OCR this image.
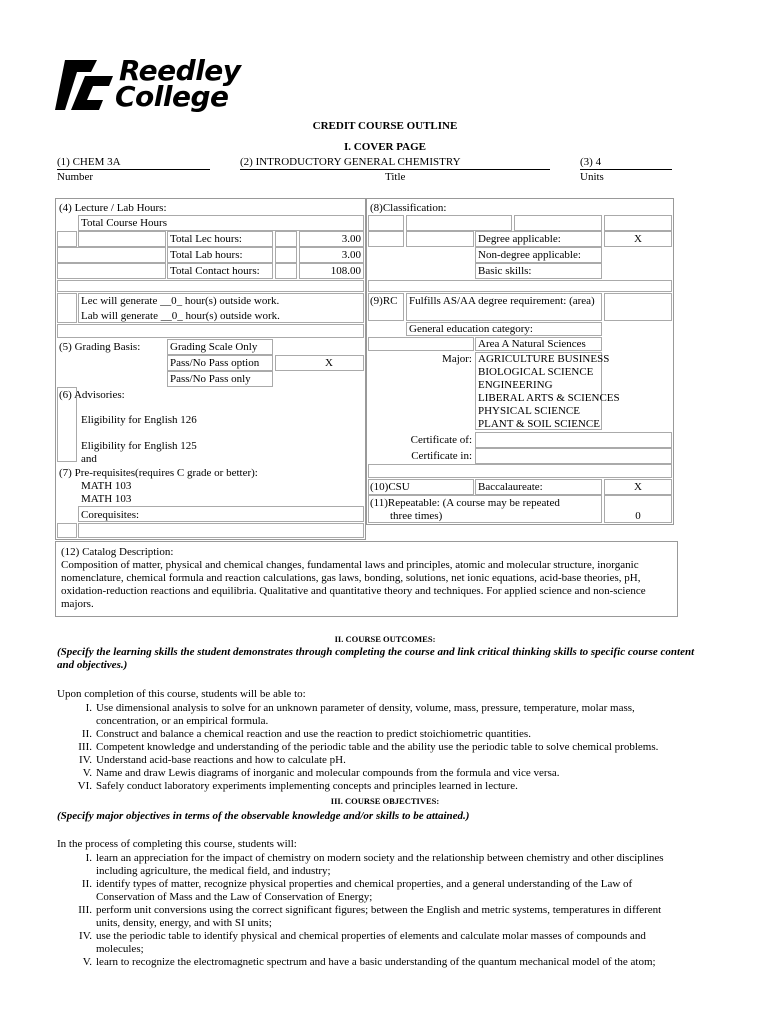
Reedley
College
CREDIT COURSE OUTLINE
I. COVER PAGE
(1) CHEM 3A	(2) INTRODUCTORY GENERAL CHEMISTRY	(3) 4
Number	Title	Units
(4) Lecture / Lab Hours:
Total Course Hours
Total Lec hours:	3.00
Total Lab hours:	3.00
Total Contact hours:	108.00
Lec will generate __0_ hour(s) outside work.
Lab will generate __0_ hour(s) outside work.
(5) Grading Basis:	Grading Scale Only
Pass/No Pass option	X
Pass/No Pass only
(6) Advisories:
Eligibility for English 126
Eligibility for English 125
and
(7) Pre-requisites(requires C grade or better):
MATH 103
MATH 103
Corequisites:
(8)Classification:
Degree applicable:	X
Non-degree applicable:
Basic skills:
(9)RC Fulfills AS/AA degree requirement: (area)
General education category:
Area A Natural Sciences
Major: AGRICULTURE BUSINESS
BIOLOGICAL SCIENCE
ENGINEERING
LIBERAL ARTS & SCIENCES
PHYSICAL SCIENCE
PLANT & SOIL SCIENCE
Certificate of:
Certificate in:
(10)CSU	Baccalaureate:	X
(11)Repeatable: (A course may be repeated
three times)	0
(12) Catalog Description:
Composition of matter, physical and chemical changes, fundamental laws and principles, atomic and molecular structure, inorganic nomenclature, chemical formula and reaction calculations, gas laws, bonding, solutions, net ionic equations, acid-base theories, pH, oxidation-reduction reactions and equilibria. Qualitative and quantitative theory and techniques. For applied science and non-science majors.
II. COURSE OUTCOMES:
(Specify the learning skills the student demonstrates through completing the course and link critical thinking skills to specific course content and objectives.)
Upon completion of this course, students will be able to:
I. Use dimensional analysis to solve for an unknown parameter of density, volume, mass, pressure, temperature, molar mass, concentration, or an empirical formula.
II. Construct and balance a chemical reaction and use the reaction to predict stoichiometric quantities.
III. Competent knowledge and understanding of the periodic table and the ability use the periodic table to solve chemical problems.
IV. Understand acid-base reactions and how to calculate pH.
V. Name and draw Lewis diagrams of inorganic and molecular compounds from the formula and vice versa.
VI. Safely conduct laboratory experiments implementing concepts and principles learned in lecture.
III. COURSE OBJECTIVES:
(Specify major objectives in terms of the observable knowledge and/or skills to be attained.)
In the process of completing this course, students will:
I. learn an appreciation for the impact of chemistry on modern society and the relationship between chemistry and other disciplines including agriculture, the medical field, and industry;
II. identify types of matter, recognize physical properties and chemical properties, and a general understanding of the Law of Conservation of Mass and the Law of Conservation of Energy;
III. perform unit conversions using the correct significant figures; between the English and metric systems, temperatures in different units, density, energy, and with SI units;
IV. use the periodic table to identify physical and chemical properties of elements and calculate molar masses of compounds and molecules;
V. learn to recognize the electromagnetic spectrum and have a basic understanding of the quantum mechanical model of the atom;
